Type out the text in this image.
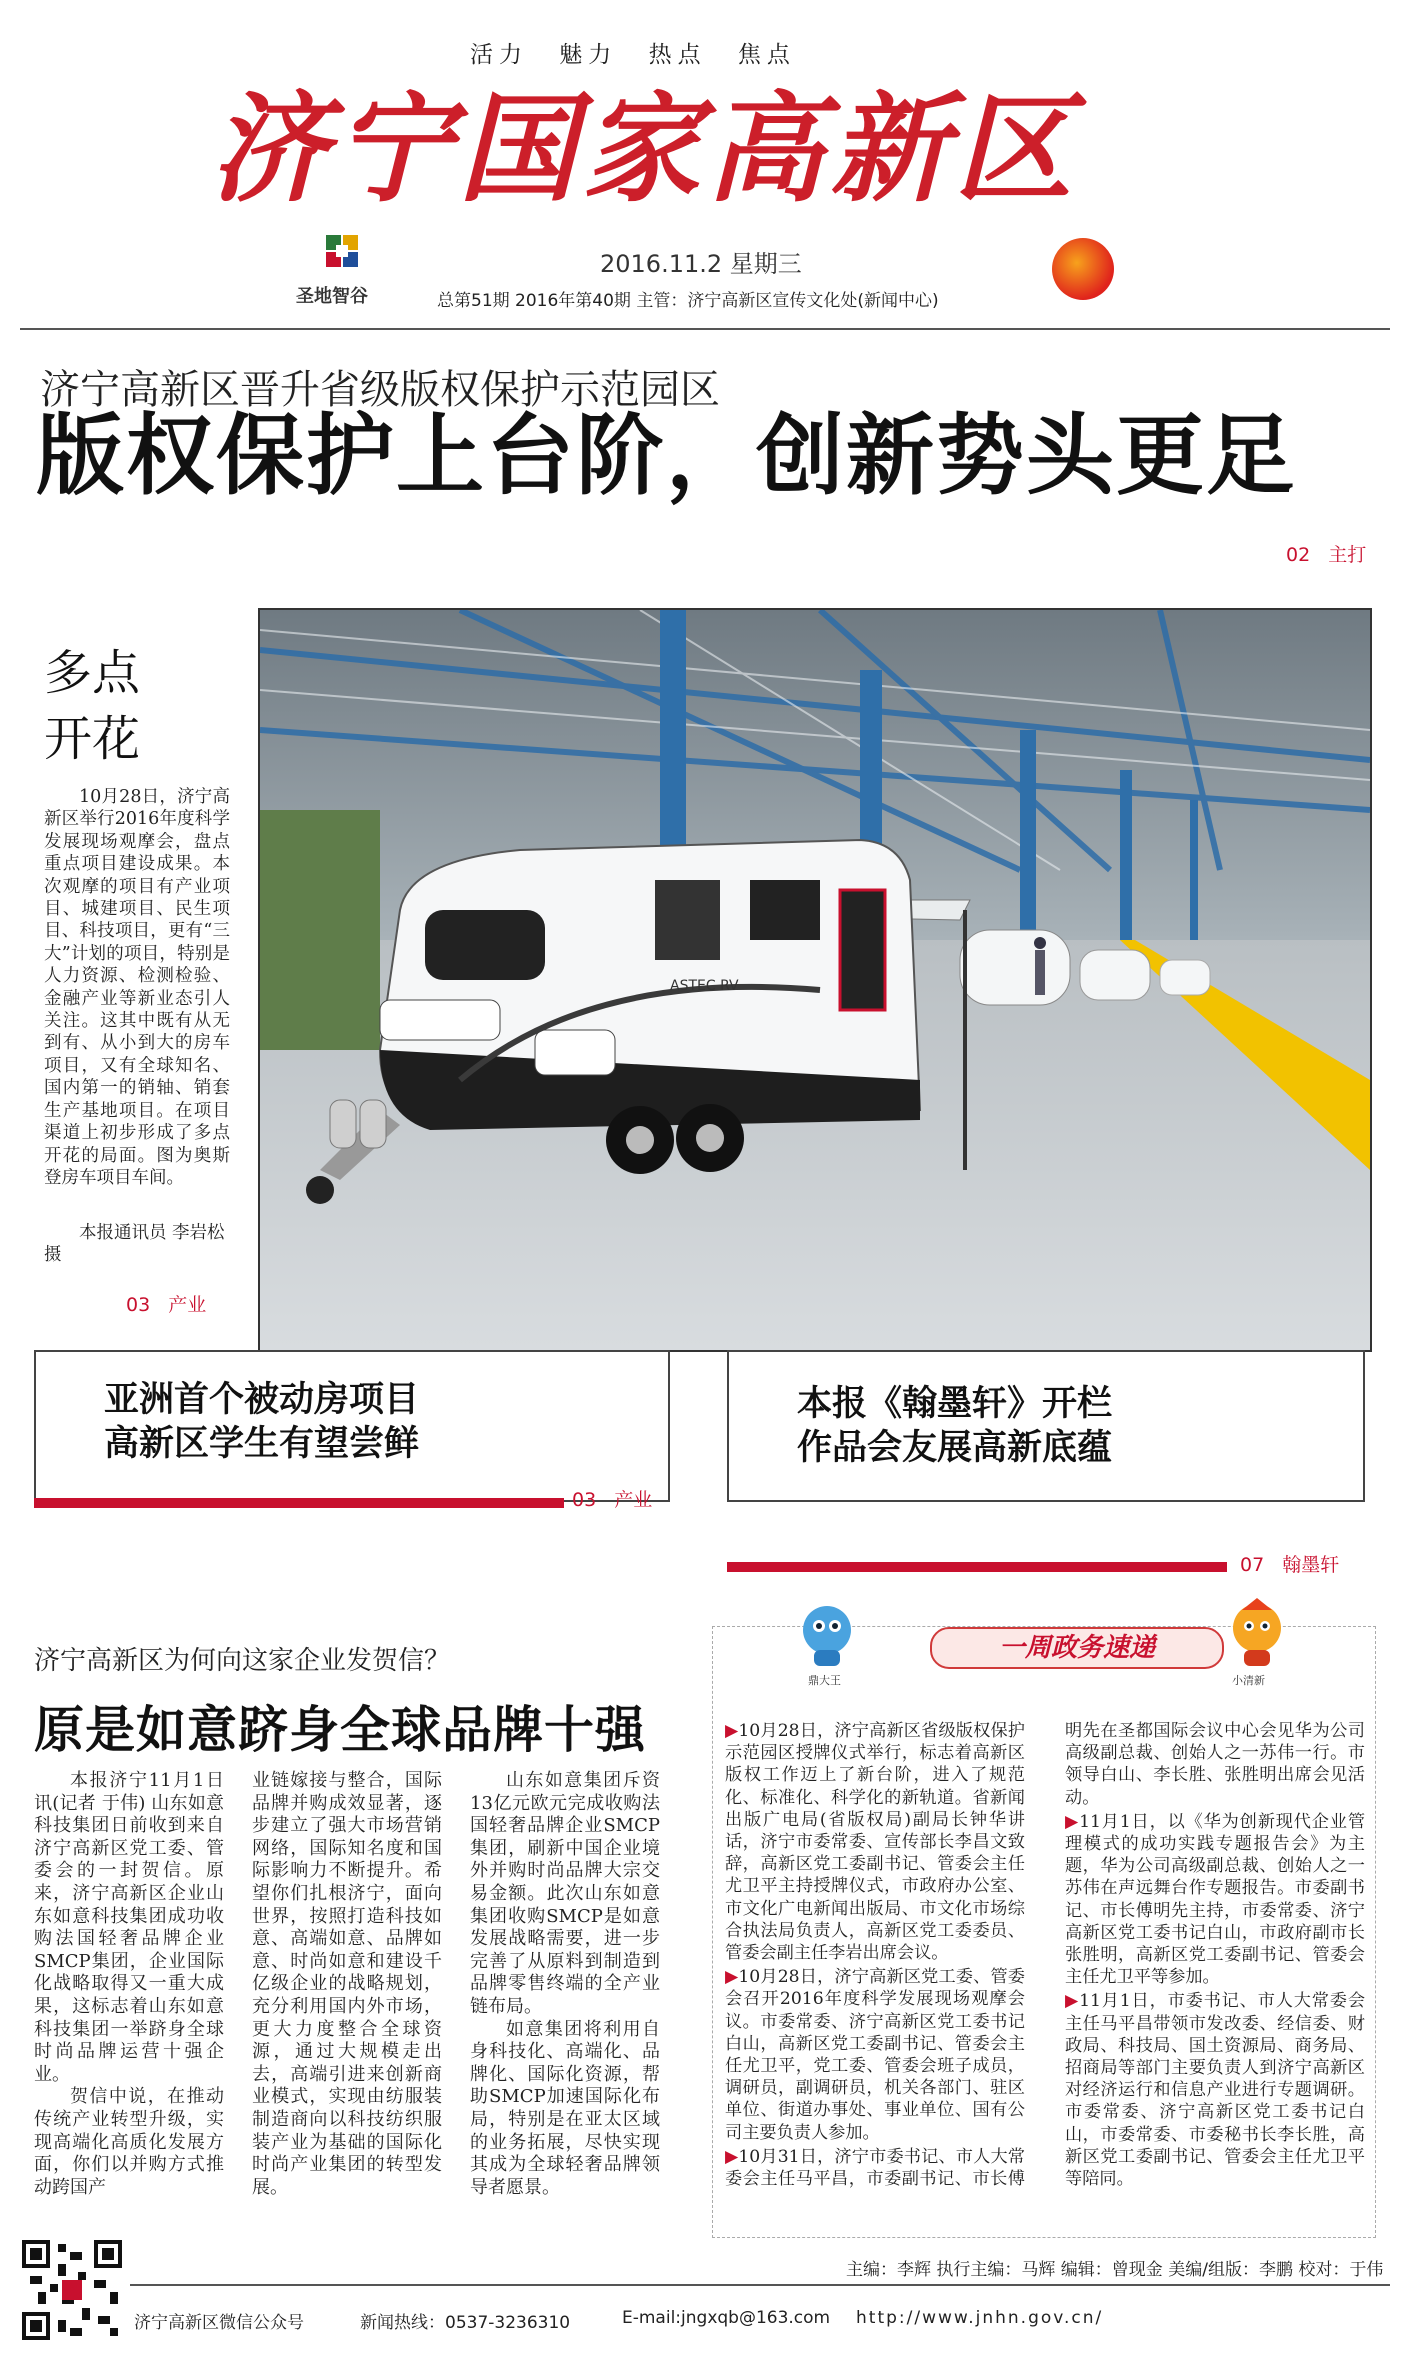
活力 魅力 热点 焦点
济宁国家高新区
圣地智谷
2016.11.2 星期三
总第51期 2016年第40期 主管：济宁高新区宣传文化处(新闻中心)
济宁高新区晋升省级版权保护示范园区
版权保护上台阶，创新势头更足
02 主打
多点
开花
10月28日，济宁高新区举行2016年度科学发展现场观摩会，盘点重点项目建设成果。本次观摩的项目有产业项目、城建项目、民生项目、科技项目，更有“三大”计划的项目，特别是人力资源、检测检验、金融产业等新业态引人关注。这其中既有从无到有、从小到大的房车项目，又有全球知名、国内第一的销轴、销套生产基地项目。在项目渠道上初步形成了多点开花的局面。图为奥斯登房车项目车间。
本报通讯员 李岩松 摄
03 产业
ASTEC RV
亚洲首个被动房项目
高新区学生有望尝鲜
03 产业
本报《翰墨轩》开栏
作品会友展高新底蕴
07 翰墨轩
济宁高新区为何向这家企业发贺信？
原是如意跻身全球品牌十强

本报济宁11月1日讯(记者 于伟) 山东如意科技集团日前收到来自济宁高新区党工委、管委会的一封贺信。原来，济宁高新区企业山东如意科技集团成功收购法国轻奢品牌企业SMCP集团，企业国际化战略取得又一重大成果，这标志着山东如意科技集团一举跻身全球时尚品牌运营十强企业。

贺信中说，在推动传统产业转型升级，实现高端化高质化发展方面，你们以并购方式推动跨国产

业链嫁接与整合，国际品牌并购成效显著，逐步建立了强大市场营销网络，国际知名度和国际影响力不断提升。希望你们扎根济宁，面向世界，按照打造科技如意、高端如意、品牌如意、时尚如意和建设千亿级企业的战略规划，充分利用国内外市场，更大力度整合全球资源，通过大规模走出去，高端引进来创新商业模式，实现由纺服装制造商向以科技纺织服装产业为基础的国际化时尚产业集团的转型发展。

山东如意集团斥资13亿元欧元完成收购法国轻奢品牌企业SMCP集团，刷新中国企业境外并购时尚品牌大宗交易金额。此次山东如意集团收购SMCP是如意发展战略需要，进一步完善了从原料到制造到品牌零售终端的全产业链布局。

如意集团将利用自身科技化、高端化、品牌化、国际化资源，帮助SMCP加速国际化布局，特别是在亚太区域的业务拓展，尽快实现其成为全球轻奢品牌领导者愿景。

鼎大王
一周政务速递
小清新

▶10月28日，济宁高新区省级版权保护示范园区授牌仪式举行，标志着高新区版权工作迈上了新台阶，进入了规范化、标准化、科学化的新轨道。省新闻出版广电局(省版权局)副局长钟华讲话，济宁市委常委、宣传部长李昌文致辞，高新区党工委副书记、管委会主任尤卫平主持授牌仪式，市政府办公室、市文化广电新闻出版局、市文化市场综合执法局负责人，高新区党工委委员、管委会副主任李岩出席会议。

▶10月28日，济宁高新区党工委、管委会召开2016年度科学发展现场观摩会议。市委常委、济宁高新区党工委书记白山，高新区党工委副书记、管委会主任尤卫平，党工委、管委会班子成员，调研员，副调研员，机关各部门、驻区单位、街道办事处、事业单位、国有公司主要负责人参加。

▶10月31日，济宁市委书记、市人大常委会主任马平昌，市委副书记、市长傅明先在圣都国际会议中心会见华为公司高级副总裁、创始人之一苏伟一行。市领导白山、李长胜、张胜明出席会见活动。

▶11月1日，以《华为创新现代企业管理模式的成功实践专题报告会》为主题，华为公司高级副总裁、创始人之一苏伟在声远舞台作专题报告。市委副书记、市长傅明先主持，市委常委、济宁高新区党工委书记白山，市政府副市长张胜明，高新区党工委副书记、管委会主任尤卫平等参加。

▶11月1日，市委书记、市人大常委会主任马平昌带领市发改委、经信委、财政局、科技局、国土资源局、商务局、招商局等部门主要负责人到济宁高新区对经济运行和信息产业进行专题调研。市委常委、济宁高新区党工委书记白山，市委常委、市委秘书长李长胜，高新区党工委副书记、管委会主任尤卫平等陪同。

主编：李辉 执行主编：马辉 编辑：曾现金 美编/组版：李鹏 校对：于伟
济宁高新区微信公众号	新闻热线：0537-3236310	E-mail:jngxqb@163.com http://www.jnhn.gov.cn/
